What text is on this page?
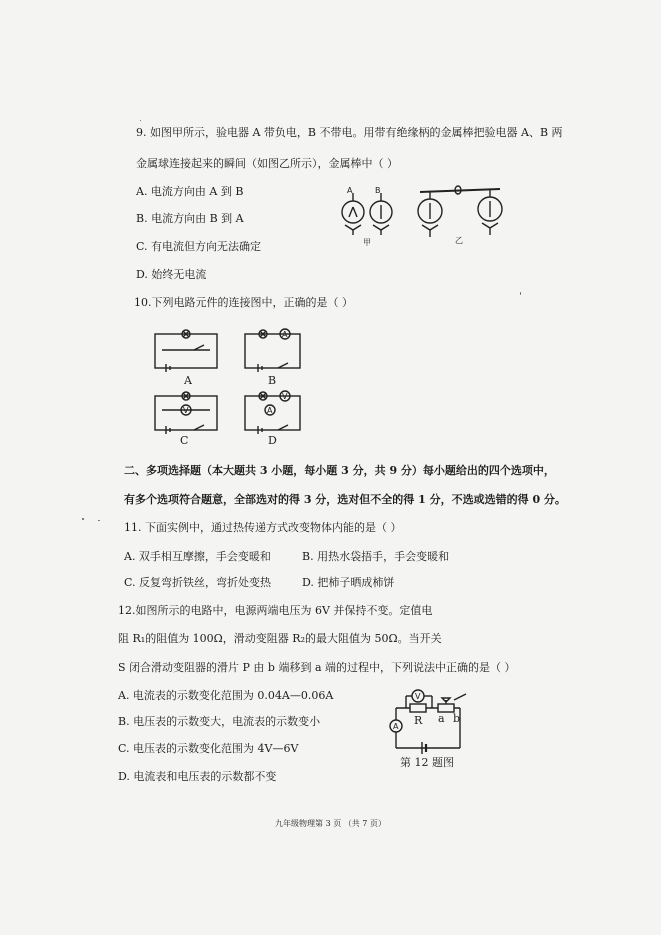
9. 如图甲所示，验电器 A 带负电，B 不带电。用带有绝缘柄的金属棒把验电器 A、B 两
金属球连接起来的瞬间（如图乙所示），金属棒中（ ）
A. 电流方向由 A 到 B
B. 电流方向由 B 到 A
C. 有电流但方向无法确定
D. 始终无电流
A	B
甲	乙
10.下列电路元件的连接图中，正确的是（ ）
A
A
B
V
C
V
A
D
二、多项选择题（本大题共 3 小题，每小题 3 分，共 9 分）每小题给出的四个选项中，
有多个选项符合题意，全部选对的得 3 分，选对但不全的得 1 分，不选或选错的得 0 分。
11. 下面实例中，通过热传递方式改变物体内能的是（ ）
A. 双手相互摩擦，手会变暖和	B. 用热水袋捂手，手会变暖和
C. 反复弯折铁丝，弯折处变热	D. 把柿子晒成柿饼
12.如图所示的电路中，电源两端电压为 6V 并保持不变。定值电
阻 R₁的阻值为 100Ω，滑动变阻器 R₂的最大阻值为 50Ω。当开关
S 闭合滑动变阻器的滑片 P 由 b 端移到 a 端的过程中，下列说法中正确的是（ ）
A. 电流表的示数变化范围为 0.04A—0.06A
B. 电压表的示数变大，电流表的示数变小
C. 电压表的示数变化范围为 4V—6V
D. 电流表和电压表的示数都不变
V
R a b
A
第 12 题图
九年级物理第 3 页 （共 7 页）
